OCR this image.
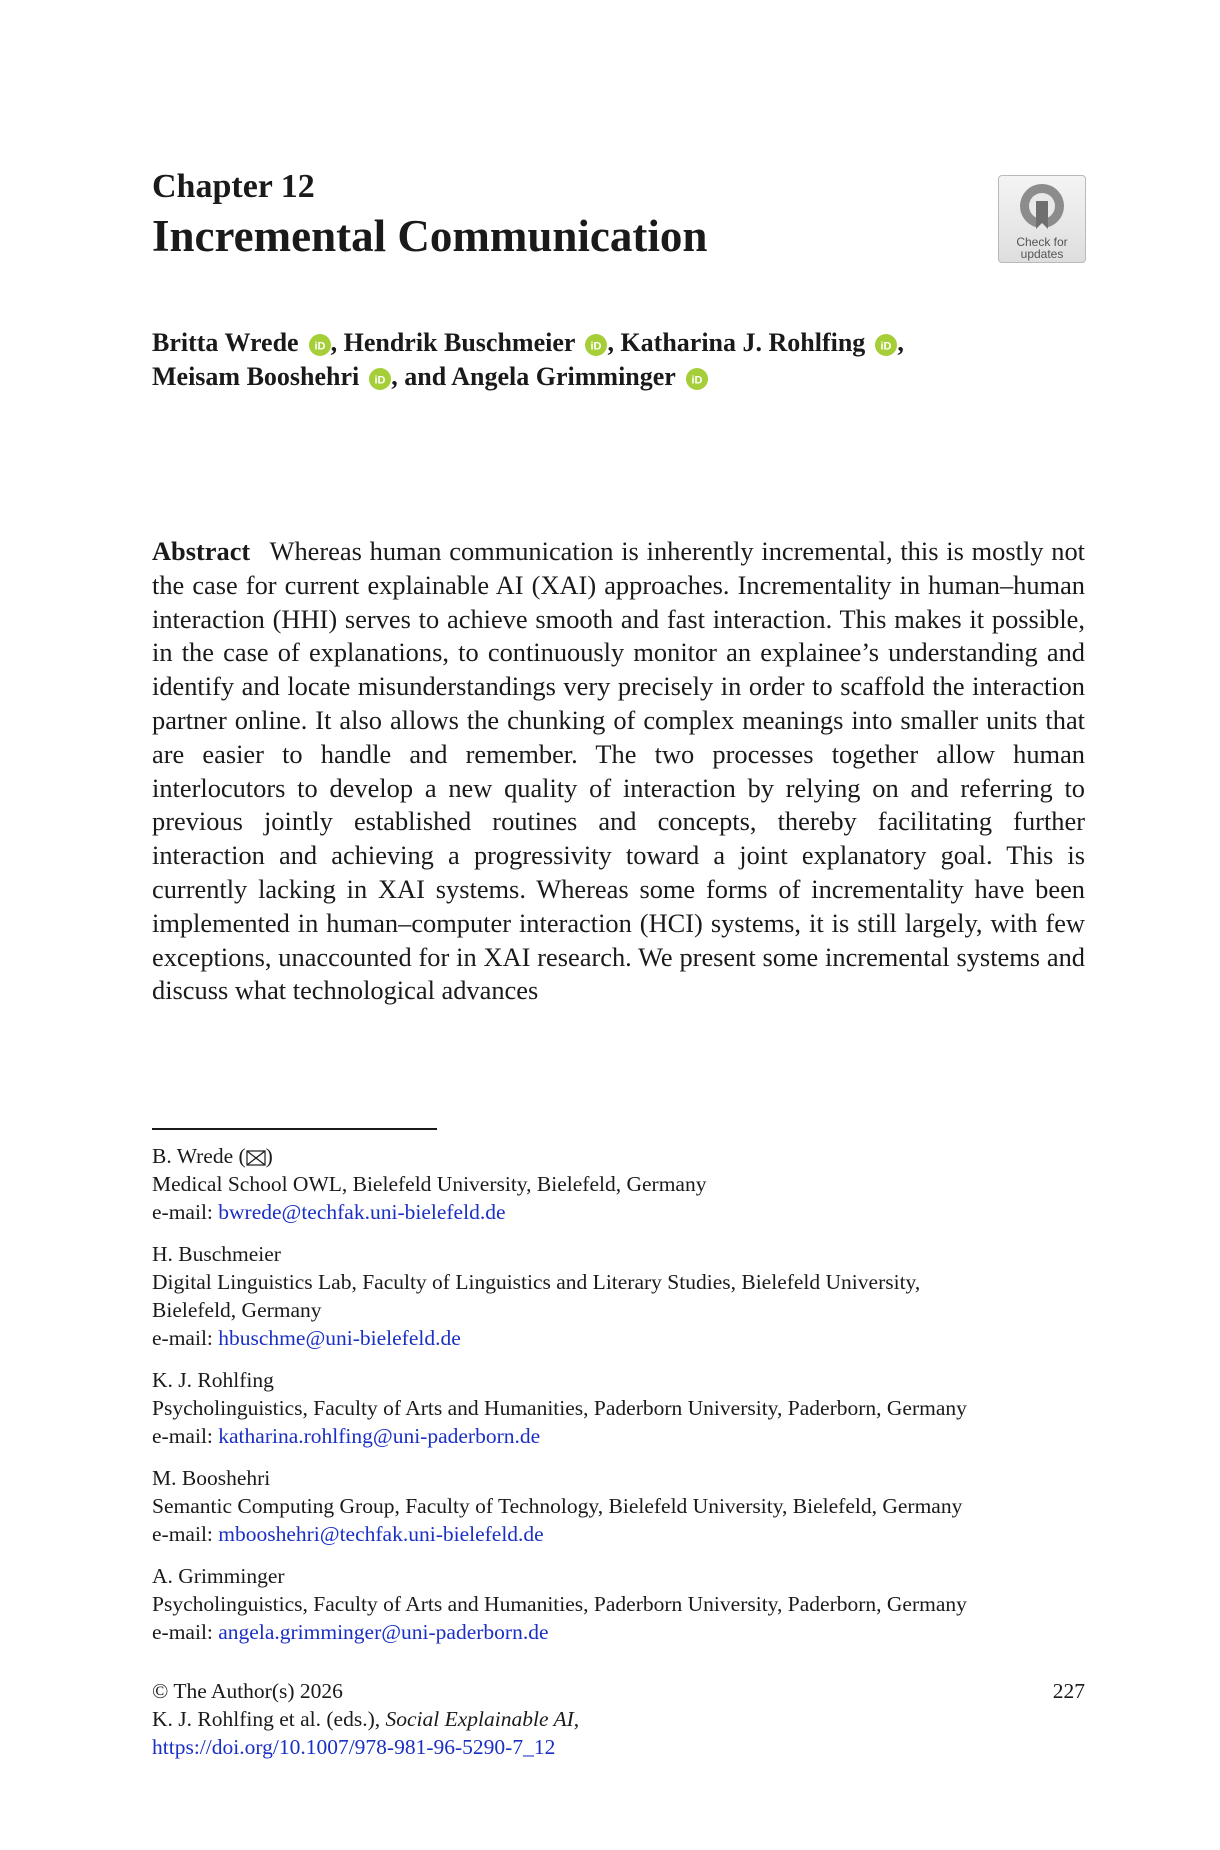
Chapter 12
Incremental Communication	Check for
updates
Britta Wrede iD , Hendrik Buschmeier iD , Katharina J. Rohlfing iD ,
Meisam Booshehri iD , and Angela Grimminger iD
Abstract Whereas human communication is inherently incremental, this is mostly not the case for current explainable AI (XAI) approaches. Incrementality in human–human interaction (HHI) serves to achieve smooth and fast interaction. This makes it possible, in the case of explanations, to continuously monitor an explainee’s understanding and identify and locate misunderstandings very precisely in order to scaffold the interaction partner online. It also allows the chunking of complex meanings into smaller units that are easier to handle and remember. The two processes together allow human interlocutors to develop a new quality of interaction by relying on and referring to previous jointly established routines and concepts, thereby facilitating further interaction and achieving a progressivity toward a joint explanatory goal. This is currently lacking in XAI systems. Whereas some forms of incrementality have been implemented in human–computer interaction (HCI) systems, it is still largely, with few exceptions, unaccounted for in XAI research. We present some incremental systems and discuss what technological advances
B. Wrede ( )
Medical School OWL, Bielefeld University, Bielefeld, Germany
e-mail: bwrede@techfak.uni-bielefeld.de
H. Buschmeier
Digital Linguistics Lab, Faculty of Linguistics and Literary Studies, Bielefeld University,
Bielefeld, Germany
e-mail: hbuschme@uni-bielefeld.de
K. J. Rohlfing
Psycholinguistics, Faculty of Arts and Humanities, Paderborn University, Paderborn, Germany
e-mail: katharina.rohlfing@uni-paderborn.de
M. Booshehri
Semantic Computing Group, Faculty of Technology, Bielefeld University, Bielefeld, Germany
e-mail: mbooshehri@techfak.uni-bielefeld.de
A. Grimminger
Psycholinguistics, Faculty of Arts and Humanities, Paderborn University, Paderborn, Germany
e-mail: angela.grimminger@uni-paderborn.de
© The Author(s) 2026	227
K. J. Rohlfing et al. (eds.), Social Explainable AI,
https://doi.org/10.1007/978-981-96-5290-7_12
